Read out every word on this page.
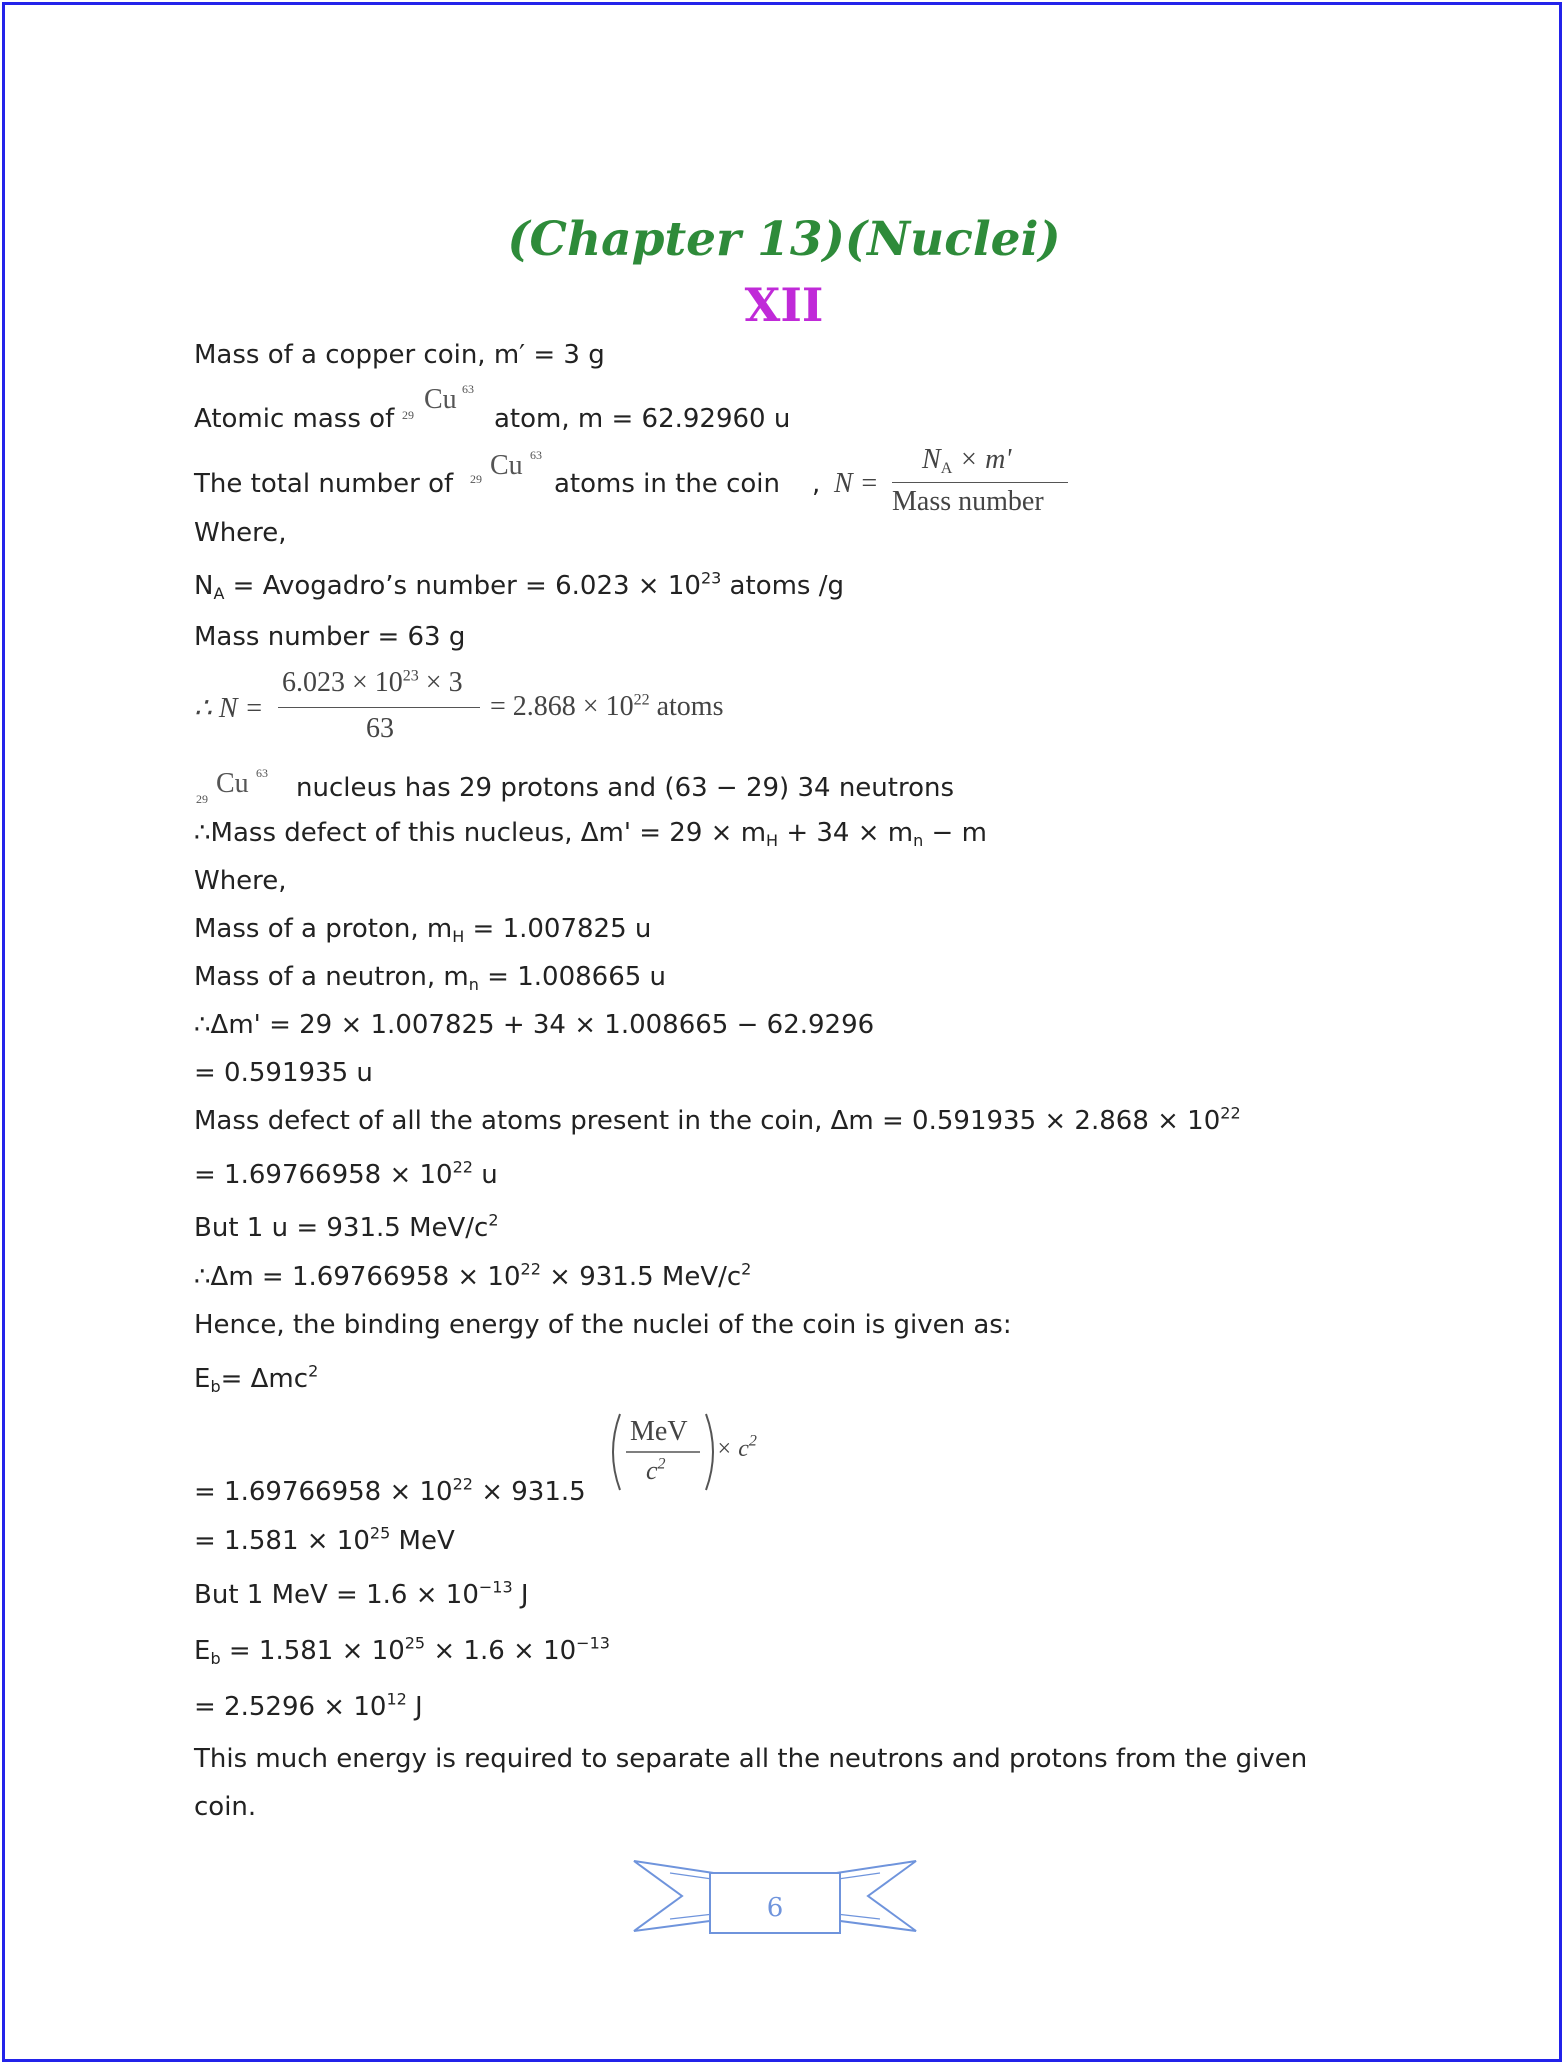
(Chapter 13)(Nuclei)
XII
Mass of a copper coin, m′ = 3 g
Atomic mass of 29 Cu 63
atom, m = 62.92960 u
The total number of 29 Cu 63
atoms in the coin , N =
$N_A \times m'$
Mass number
Where,
$N_A$ = Avogadro’s number = $6.023 \times 10^{23}$ atoms /g
Mass number = 63 g
∴ N =
$6.023 \times 10^{23} \times 3$
63
= $2.868 \times 10^{22}$ atoms
29 Cu 63 nucleus has 29 protons and (63 − 29) 34 neutrons
∴Mass defect of this nucleus, $\Delta m' = 29 \times m_H + 34 \times m_n - m$
Where,
Mass of a proton, $m_H = 1.007825$ u
Mass of a neutron, $m_n = 1.008665$ u
∴Δm' = 29 × 1.007825 + 34 × 1.008665 − 62.9296
= 0.591935 u
Mass defect of all the atoms present in the coin, $\Delta m = 0.591935 \times 2.868 \times 10^{22}$
= $1.69766958 \times 10^{22}$ u
But 1 u = 931.5 MeV/$c^2$
∴Δm = $1.69766958 \times 10^{22} \times 931.5$ MeV/$c^2$
Hence, the binding energy of the nuclei of the coin is given as:
$E_b= \Delta mc^2$
= $1.69766958 \times 10^{22} \times 931.5$
MeV
$c^2$
× $c^2$
= $1.581 \times 10^{25}$ MeV
But 1 MeV = $1.6 \times 10^{-13}$ J
$E_b = 1.581 \times 10^{25} \times 1.6 \times 10^{-13}$
= $2.5296 \times 10^{12}$ J
This much energy is required to separate all the neutrons and protons from the given
coin.
6
